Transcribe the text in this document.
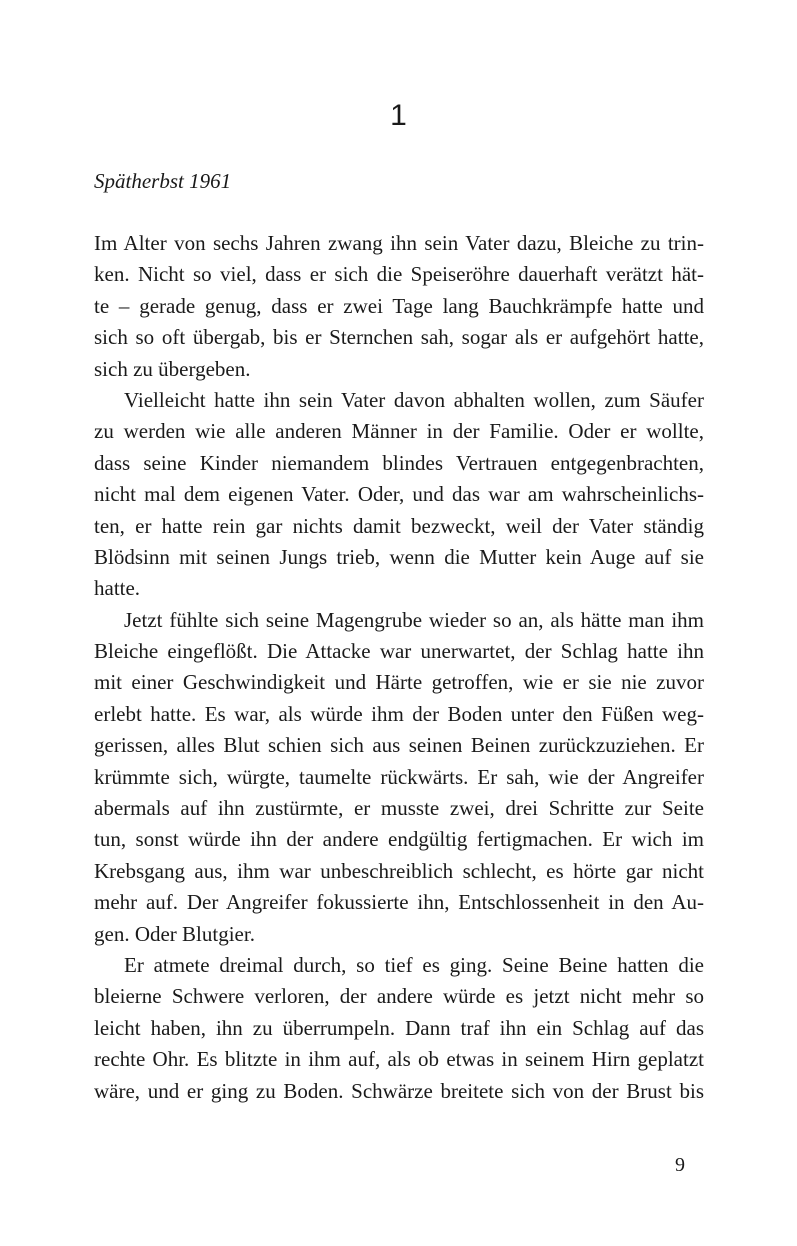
1
Spätherbst 1961
Im Alter von sechs Jahren zwang ihn sein Vater dazu, Bleiche zu trin-
ken. Nicht so viel, dass er sich die Speiseröhre dauerhaft verätzt hät-
te – gerade genug, dass er zwei Tage lang Bauchkrämpfe hatte und
sich so oft übergab, bis er Sternchen sah, sogar als er aufgehört hatte,
sich zu übergeben.
Vielleicht hatte ihn sein Vater davon abhalten wollen, zum Säufer
zu werden wie alle anderen Männer in der Familie. Oder er wollte,
dass seine Kinder niemandem blindes Vertrauen entgegenbrachten,
nicht mal dem eigenen Vater. Oder, und das war am wahrscheinlichs-
ten, er hatte rein gar nichts damit bezweckt, weil der Vater ständig
Blödsinn mit seinen Jungs trieb, wenn die Mutter kein Auge auf sie
hatte.
Jetzt fühlte sich seine Magengrube wieder so an, als hätte man ihm
Bleiche eingeflößt. Die Attacke war unerwartet, der Schlag hatte ihn
mit einer Geschwindigkeit und Härte getroffen, wie er sie nie zuvor
erlebt hatte. Es war, als würde ihm der Boden unter den Füßen weg-
gerissen, alles Blut schien sich aus seinen Beinen zurückzuziehen. Er
krümmte sich, würgte, taumelte rückwärts. Er sah, wie der Angreifer
abermals auf ihn zustürmte, er musste zwei, drei Schritte zur Seite
tun, sonst würde ihn der andere endgültig fertigmachen. Er wich im
Krebsgang aus, ihm war unbeschreiblich schlecht, es hörte gar nicht
mehr auf. Der Angreifer fokussierte ihn, Entschlossenheit in den Au-
gen. Oder Blutgier.
Er atmete dreimal durch, so tief es ging. Seine Beine hatten die
bleierne Schwere verloren, der andere würde es jetzt nicht mehr so
leicht haben, ihn zu überrumpeln. Dann traf ihn ein Schlag auf das
rechte Ohr. Es blitzte in ihm auf, als ob etwas in seinem Hirn geplatzt
wäre, und er ging zu Boden. Schwärze breitete sich von der Brust bis
9
